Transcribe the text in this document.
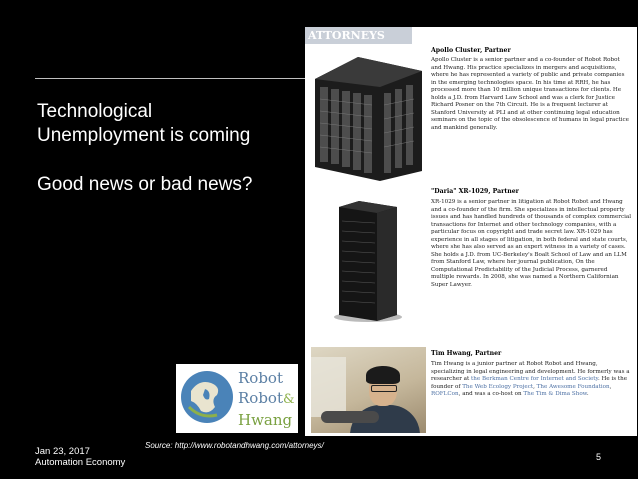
Technological
Unemployment is coming
Good news or bad news?
Robot
Robot&
Hwang
ATTORNEYS
Apollo Cluster, Partner
Apollo Cluster is a senior partner and a co-founder of Robot Robot and Hwang. His practice specializes in mergers and acquisitions, where he has represented a variety of public and private companies in the emerging technologies space. In his time at RRH, he has processed more than 10 million unique transactions for clients. He holds a J.D. from Harvard Law School and was a clerk for Justice Richard Posner on the 7th Circuit. He is a frequent lecturer at Stanford University at PLI and at other continuing legal education seminars on the topic of the obsolescence of humans in legal practice and mankind generally.
"Daria" XR-1029, Partner
XR-1029 is a senior partner in litigation at Robot Robot and Hwang and a co-founder of the firm. She specializes in intellectual property issues and has handled hundreds of thousands of complex commercial transactions for Internet and other technology companies, with a particular focus on copyright and trade secret law. XR-1029 has experience in all stages of litigation, in both federal and state courts, where she has also served as an expert witness in a variety of cases. She holds a J.D. from UC-Berkeley's Boalt School of Law and an LLM from Stanford Law, where her journal publication, On the Computational Predictability of the Judicial Process, garnered multiple rewards. In 2008, she was named a Northern Californian Super Lawyer.
Tim Hwang, Partner
Tim Hwang is a junior partner at Robot Robot and Hwang, specializing in legal engineering and development. He formerly was a researcher at the Berkman Centre for Internet and Society. He is the founder of The Web Ecology Project, The Awesome Foundation, ROFLCon, and was a co-host on The Tim & Dima Show.
Source: http://www.robotandhwang.com/attorneys/
Jan 23, 2017
Automation Economy	5
